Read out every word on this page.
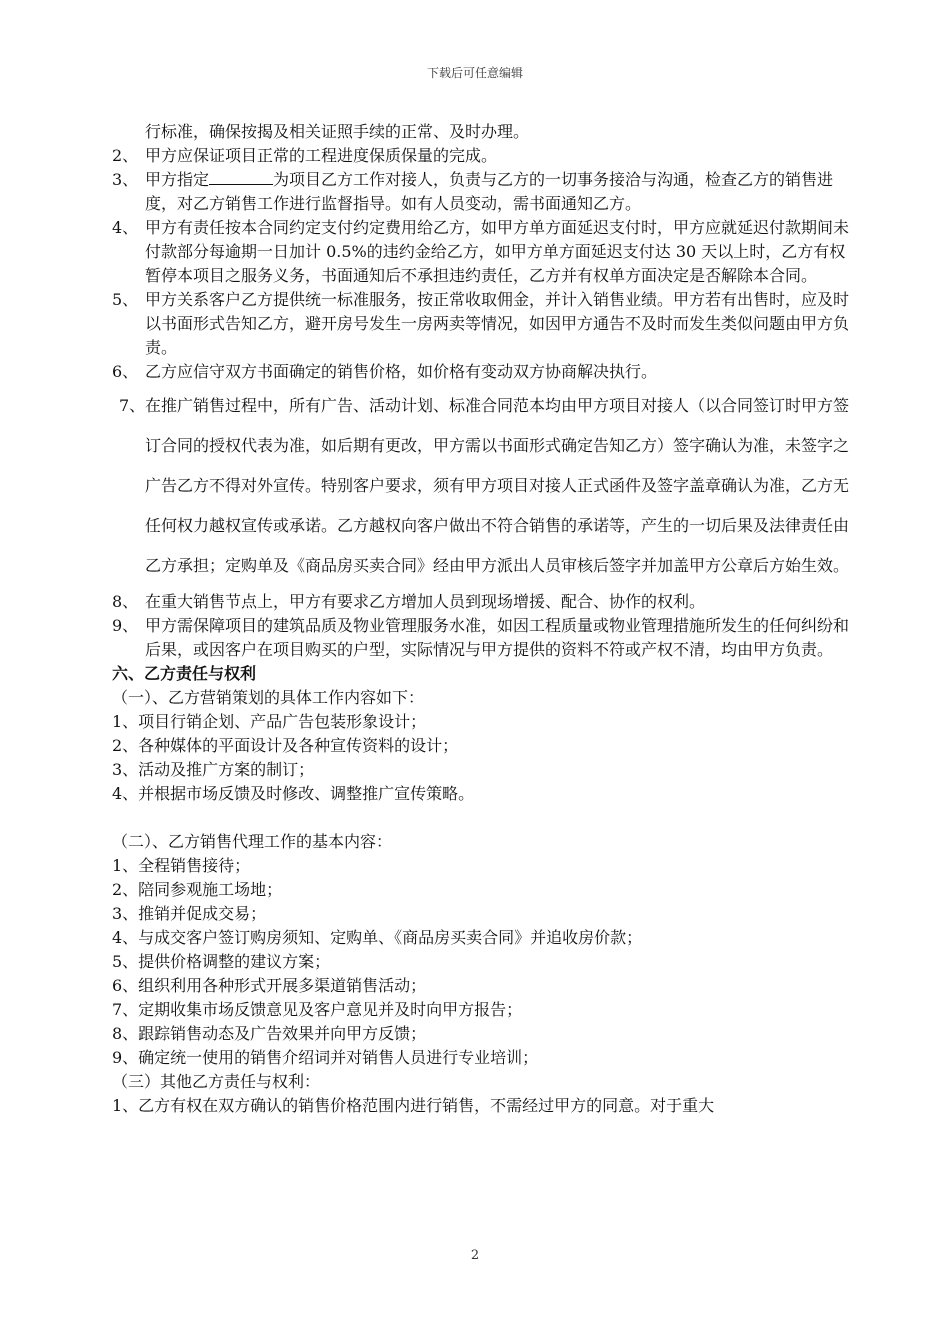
下载后可任意编辑

行标准，确保按揭及相关证照手续的正常、及时办理。

2、 甲方应保证项目正常的工程进度保质保量的完成。

3、 甲方指定	为项目乙方工作对接人，负责与乙方的一切事务接洽与沟通，检查乙方的销售进度，对乙方销售工作进行监督指导。如有人员变动，需书面通知乙方。

4、 甲方有责任按本合同约定支付约定费用给乙方，如甲方单方面延迟支付时，甲方应就延迟付款期间未付款部分每逾期一日加计 0.5%的违约金给乙方，如甲方单方面延迟支付达 30 天以上时，乙方有权暂停本项目之服务义务，书面通知后不承担违约责任，乙方并有权单方面决定是否解除本合同。

5、 甲方关系客户乙方提供统一标准服务，按正常收取佣金，并计入销售业绩。甲方若有出售时，应及时以书面形式告知乙方，避开房号发生一房两卖等情况，如因甲方通告不及时而发生类似问题由甲方负责。

6、 乙方应信守双方书面确定的销售价格，如价格有变动双方协商解决执行。

7、 在推广销售过程中，所有广告、活动计划、标准合同范本均由甲方项目对接人（以合同签订时甲方签订合同的授权代表为准，如后期有更改，甲方需以书面形式确定告知乙方）签字确认为准，未签字之广告乙方不得对外宣传。特别客户要求，须有甲方项目对接人正式函件及签字盖章确认为准，乙方无任何权力越权宣传或承诺。乙方越权向客户做出不符合销售的承诺等，产生的一切后果及法律责任由乙方承担；定购单及《商品房买卖合同》经由甲方派出人员审核后签字并加盖甲方公章后方始生效。

8、 在重大销售节点上，甲方有要求乙方增加人员到现场增援、配合、协作的权利。

9、 甲方需保障项目的建筑品质及物业管理服务水准，如因工程质量或物业管理措施所发生的任何纠纷和后果，或因客户在项目购买的户型，实际情况与甲方提供的资料不符或产权不清，均由甲方负责。

六、乙方责任与权利

（一）、乙方营销策划的具体工作内容如下：

1、项目行销企划、产品广告包装形象设计；

2、各种媒体的平面设计及各种宣传资料的设计；

3、活动及推广方案的制订；

4、并根据市场反馈及时修改、调整推广宣传策略。

（二）、乙方销售代理工作的基本内容：

1、全程销售接待；

2、陪同参观施工场地；

3、推销并促成交易；

4、与成交客户签订购房须知、定购单、《商品房买卖合同》并追收房价款；

5、提供价格调整的建议方案；

6、组织利用各种形式开展多渠道销售活动；

7、定期收集市场反馈意见及客户意见并及时向甲方报告；

8、跟踪销售动态及广告效果并向甲方反馈；

9、确定统一使用的销售介绍词并对销售人员进行专业培训；

（三）其他乙方责任与权利：

1、乙方有权在双方确认的销售价格范围内进行销售，不需经过甲方的同意。对于重大

2
